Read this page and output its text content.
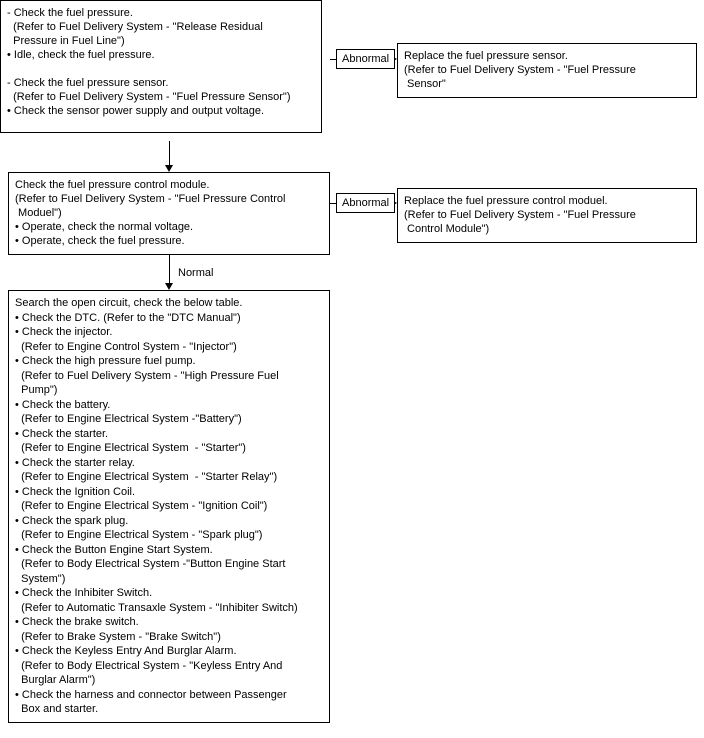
- Check the fuel pressure.
(Refer to Fuel Delivery System - "Release Residual
Pressure in Fuel Line")
• Idle, check the fuel pressure.

- Check the fuel pressure sensor.
(Refer to Fuel Delivery System - "Fuel Pressure Sensor")
• Check the sensor power supply and output voltage.
Abnormal	Replace the fuel pressure sensor.
(Refer to Fuel Delivery System - "Fuel Pressure
Sensor"
Check the fuel pressure control module.
(Refer to Fuel Delivery System - "Fuel Pressure Control
Moduel")
• Operate, check the normal voltage.
• Operate, check the fuel pressure.
Abnormal	Replace the fuel pressure control moduel.
(Refer to Fuel Delivery System - "Fuel Pressure
Control Module")
Normal
Search the open circuit, check the below table.
• Check the DTC. (Refer to the "DTC Manual")
• Check the injector.
(Refer to Engine Control System - "Injector")
• Check the high pressure fuel pump.
(Refer to Fuel Delivery System - "High Pressure Fuel
Pump")
• Check the battery.
(Refer to Engine Electrical System -"Battery")
• Check the starter.
(Refer to Engine Electrical System  - "Starter")
• Check the starter relay.
(Refer to Engine Electrical System  - "Starter Relay")
• Check the Ignition Coil.
(Refer to Engine Electrical System - "Ignition Coil")
• Check the spark plug.
(Refer to Engine Electrical System - "Spark plug")
• Check the Button Engine Start System.
(Refer to Body Electrical System -"Button Engine Start
System")
• Check the Inhibiter Switch.
(Refer to Automatic Transaxle System - "Inhibiter Switch)
• Check the brake switch.
(Refer to Brake System - "Brake Switch")
• Check the Keyless Entry And Burglar Alarm.
(Refer to Body Electrical System - "Keyless Entry And
Burglar Alarm")
• Check the harness and connector between Passenger
Box and starter.
